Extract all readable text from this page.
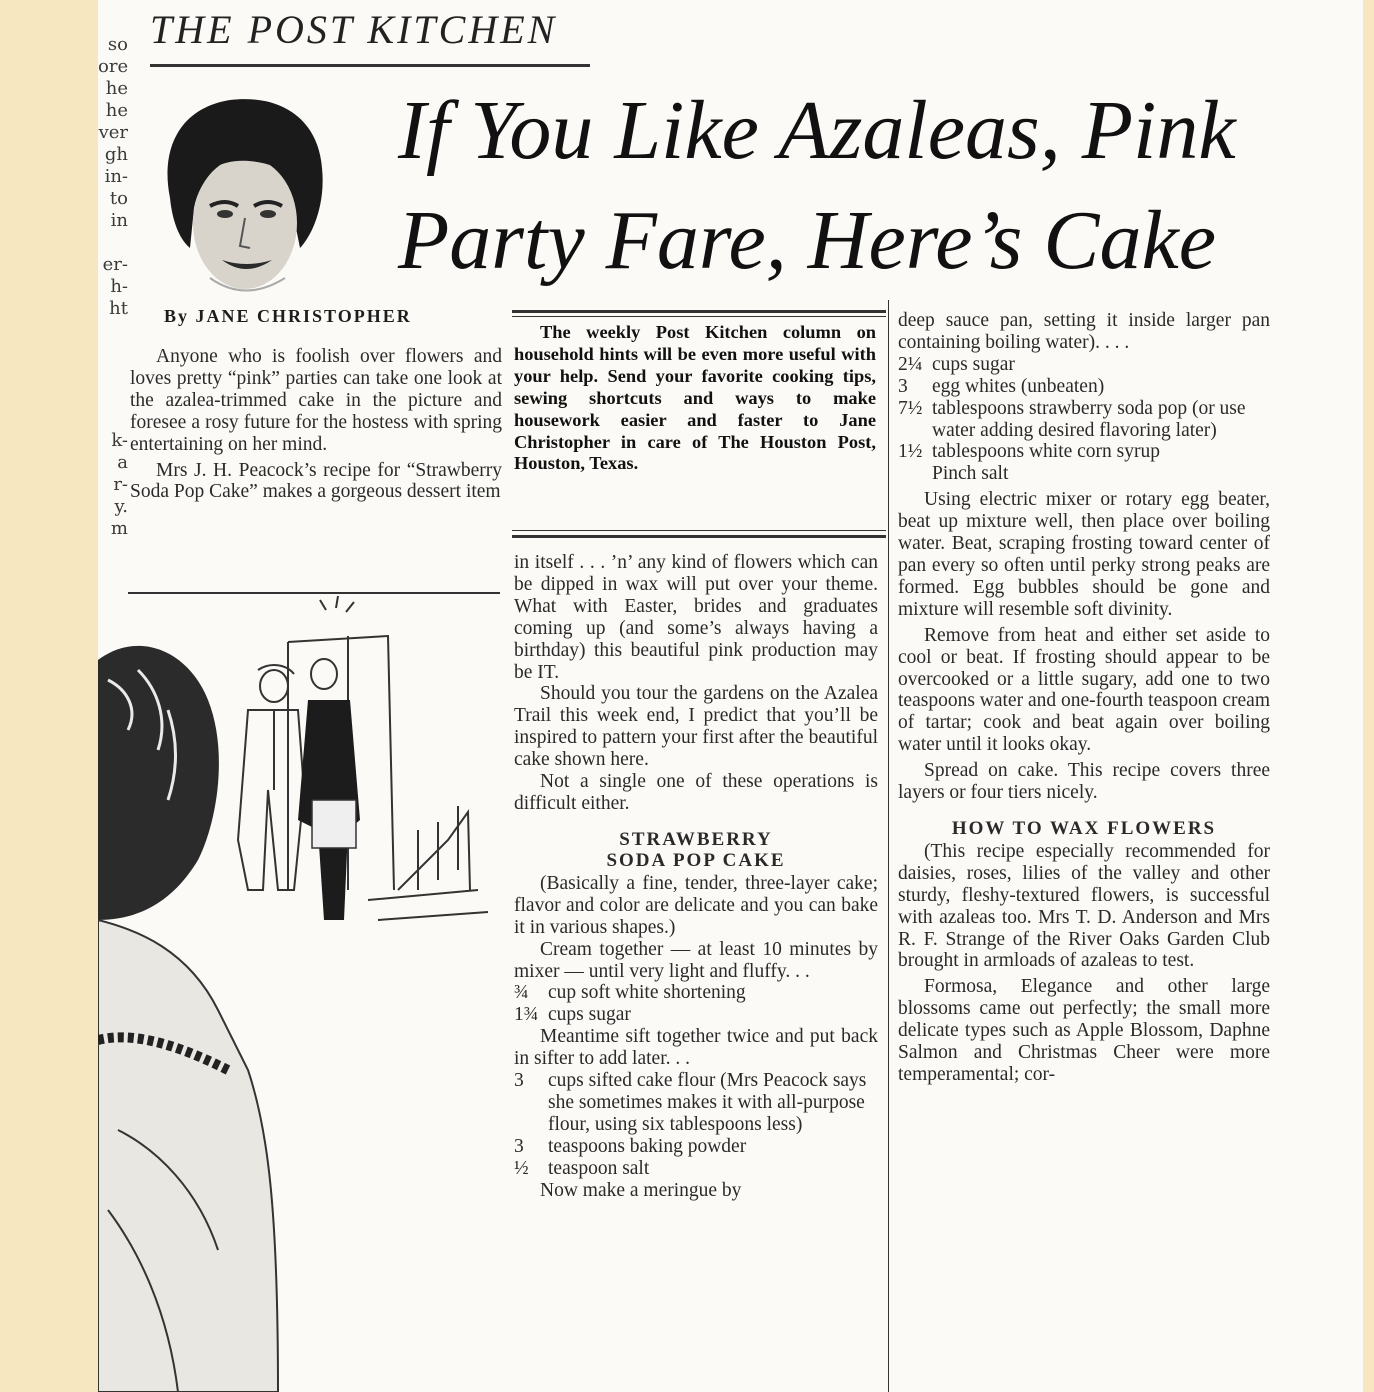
so
ore
he
he
ver
gh
in-
to
in
er-
h-
ht
k-
a
r-
y.
m
THE POST KITCHEN
If You Like Azaleas, Pink
Party Fare, Here’s Cake
By JANE CHRISTOPHER

Anyone who is foolish over flowers and loves pretty “pink” parties can take one look at the azalea-trimmed cake in the picture and foresee a rosy future for the hostess with spring entertaining on her mind.

Mrs J. H. Peacock’s recipe for “Strawberry Soda Pop Cake” makes a gorgeous dessert item

The weekly Post Kitchen column on household hints will be even more useful with your help. Send your favorite cooking tips, sewing shortcuts and ways to make housework easier and faster to Jane Christopher in care of The Houston Post, Houston, Texas.

in itself . . . ’n’ any kind of flowers which can be dipped in wax will put over your theme. What with Easter, brides and graduates coming up (and some’s always having a birthday) this beautiful pink production may be IT.

Should you tour the gardens on the Azalea Trail this week end, I predict that you’ll be inspired to pattern your first after the beautiful cake shown here.

Not a single one of these operations is difficult either.

STRAWBERRY
SODA POP CAKE

(Basically a fine, tender, three-layer cake; flavor and color are delicate and you can bake it in various shapes.)

Cream together — at least 10 minutes by mixer — until very light and fluffy. . .

¾ cup soft white shortening

1¾ cups sugar

Meantime sift together twice and put back in sifter to add later. . .

3 cups sifted cake flour (Mrs Peacock says she sometimes makes it with all-purpose flour, using six tablespoons less)

3 teaspoons baking powder

½ teaspoon salt

Now make a meringue by

deep sauce pan, setting it inside larger pan containing boiling water). . . .

2¼ cups sugar

3 egg whites (unbeaten)

7½ tablespoons strawberry soda pop (or use water adding desired flavoring later)

1½ tablespoons white corn syrup

Pinch salt

Using electric mixer or rotary egg beater, beat up mixture well, then place over boiling water. Beat, scraping frosting toward center of pan every so often until perky strong peaks are formed. Egg bubbles should be gone and mixture will resemble soft divinity.

Remove from heat and either set aside to cool or beat. If frosting should appear to be overcooked or a little sugary, add one to two teaspoons water and one-fourth teaspoon cream of tartar; cook and beat again over boiling water until it looks okay.

Spread on cake. This recipe covers three layers or four tiers nicely.

HOW TO WAX FLOWERS

(This recipe especially recommended for daisies, roses, lilies of the valley and other sturdy, fleshy-textured flowers, is successful with azaleas too. Mrs T. D. Anderson and Mrs R. F. Strange of the River Oaks Garden Club brought in armloads of azaleas to test.

Formosa, Elegance and other large blossoms came out perfectly; the small more delicate types such as Apple Blossom, Daphne Salmon and Christmas Cheer were more temperamental; cor-
